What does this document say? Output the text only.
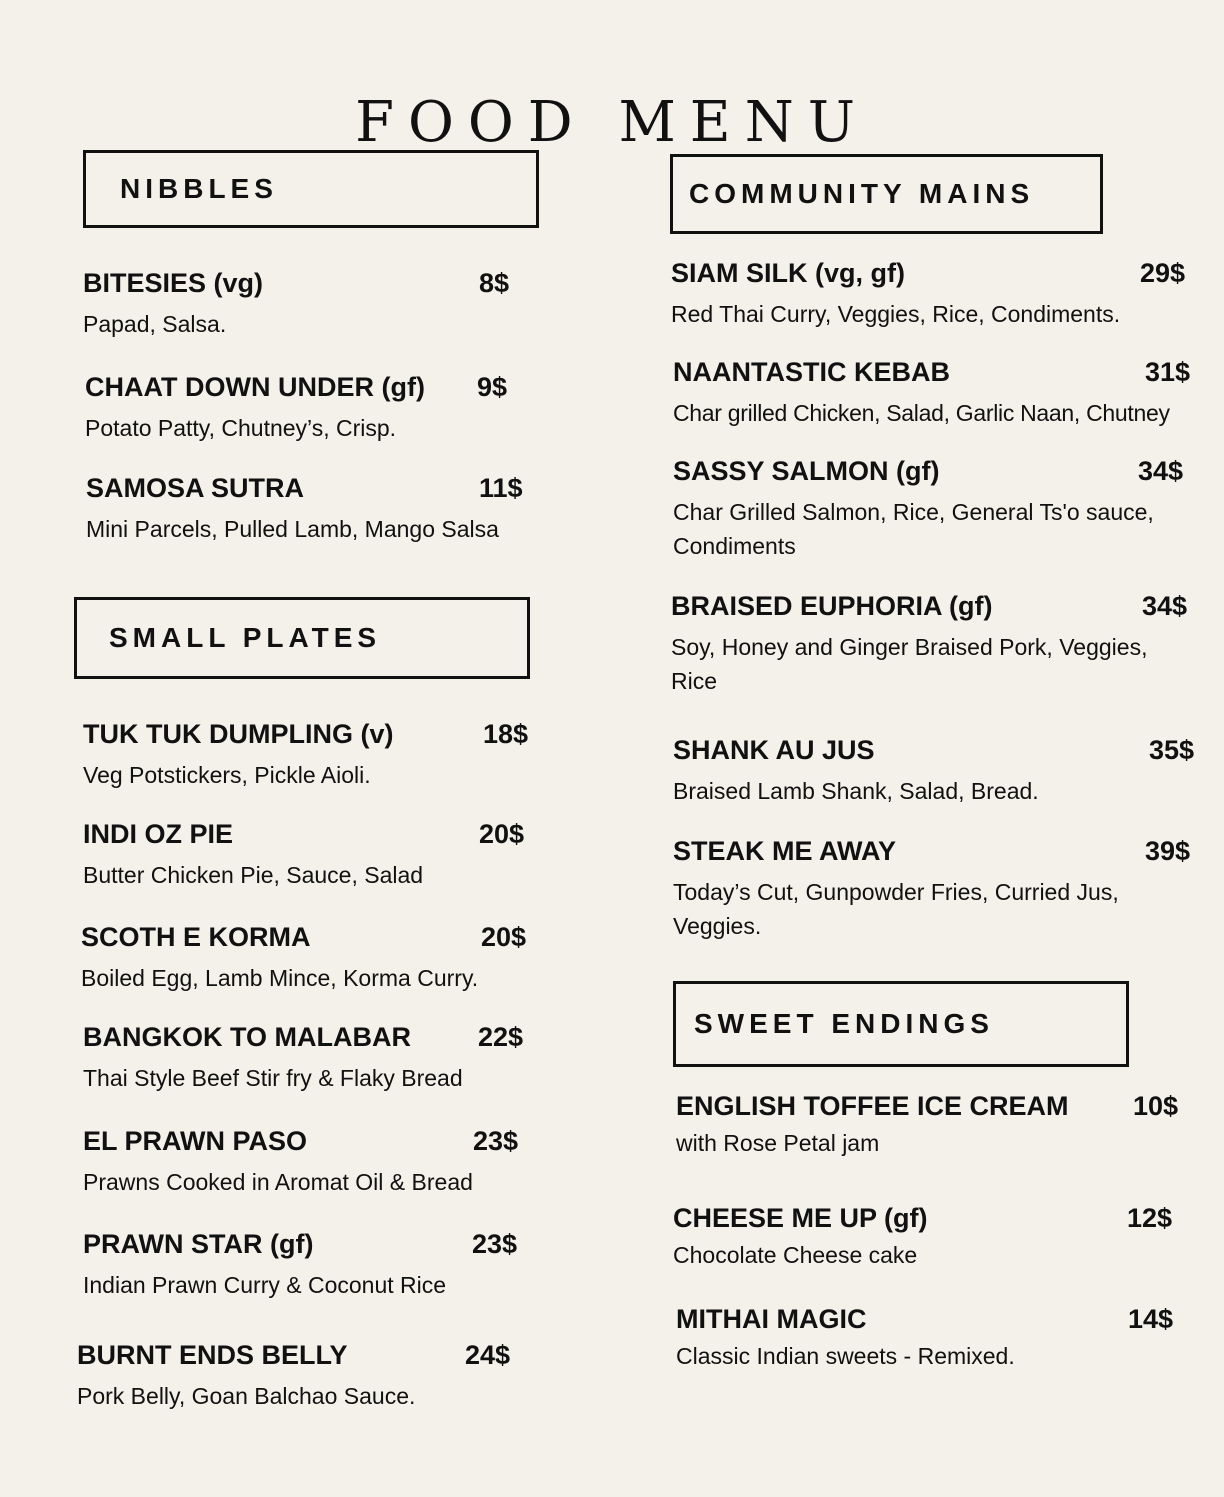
FOOD MENU
NIBBLES
BITESIES (vg)	8$
Papad, Salsa.
CHAAT DOWN UNDER (gf) 9$
Potato Patty, Chutney’s, Crisp.
SAMOSA SUTRA	11$
Mini Parcels, Pulled Lamb, Mango Salsa
SMALL PLATES
TUK TUK DUMPLING (v)	18$
Veg Potstickers, Pickle Aioli.
INDI OZ PIE	20$
Butter Chicken Pie, Sauce, Salad
SCOTH E KORMA	20$
Boiled Egg, Lamb Mince, Korma Curry.
BANGKOK TO MALABAR 22$
Thai Style Beef Stir fry & Flaky Bread
EL PRAWN PASO	23$
Prawns Cooked in Aromat Oil & Bread
PRAWN STAR (gf)	23$
Indian Prawn Curry & Coconut Rice
BURNT ENDS BELLY	24$
Pork Belly, Goan Balchao Sauce.
COMMUNITY MAINS
SIAM SILK (vg, gf)	29$
Red Thai Curry, Veggies, Rice, Condiments.
NAANTASTIC KEBAB	31$
Char grilled Chicken, Salad, Garlic Naan, Chutney
SASSY SALMON (gf)	34$
Char Grilled Salmon, Rice, General Ts'o sauce, Condiments
BRAISED EUPHORIA (gf)	34$
Soy, Honey and Ginger Braised Pork, Veggies, Rice
SHANK AU JUS	35$
Braised Lamb Shank, Salad, Bread.
STEAK ME AWAY	39$
Today’s Cut, Gunpowder Fries, Curried Jus, Veggies.
SWEET ENDINGS
ENGLISH TOFFEE ICE CREAM 10$
with Rose Petal jam
CHEESE ME UP (gf)	12$
Chocolate Cheese cake
MITHAI MAGIC	14$
Classic Indian sweets - Remixed.
